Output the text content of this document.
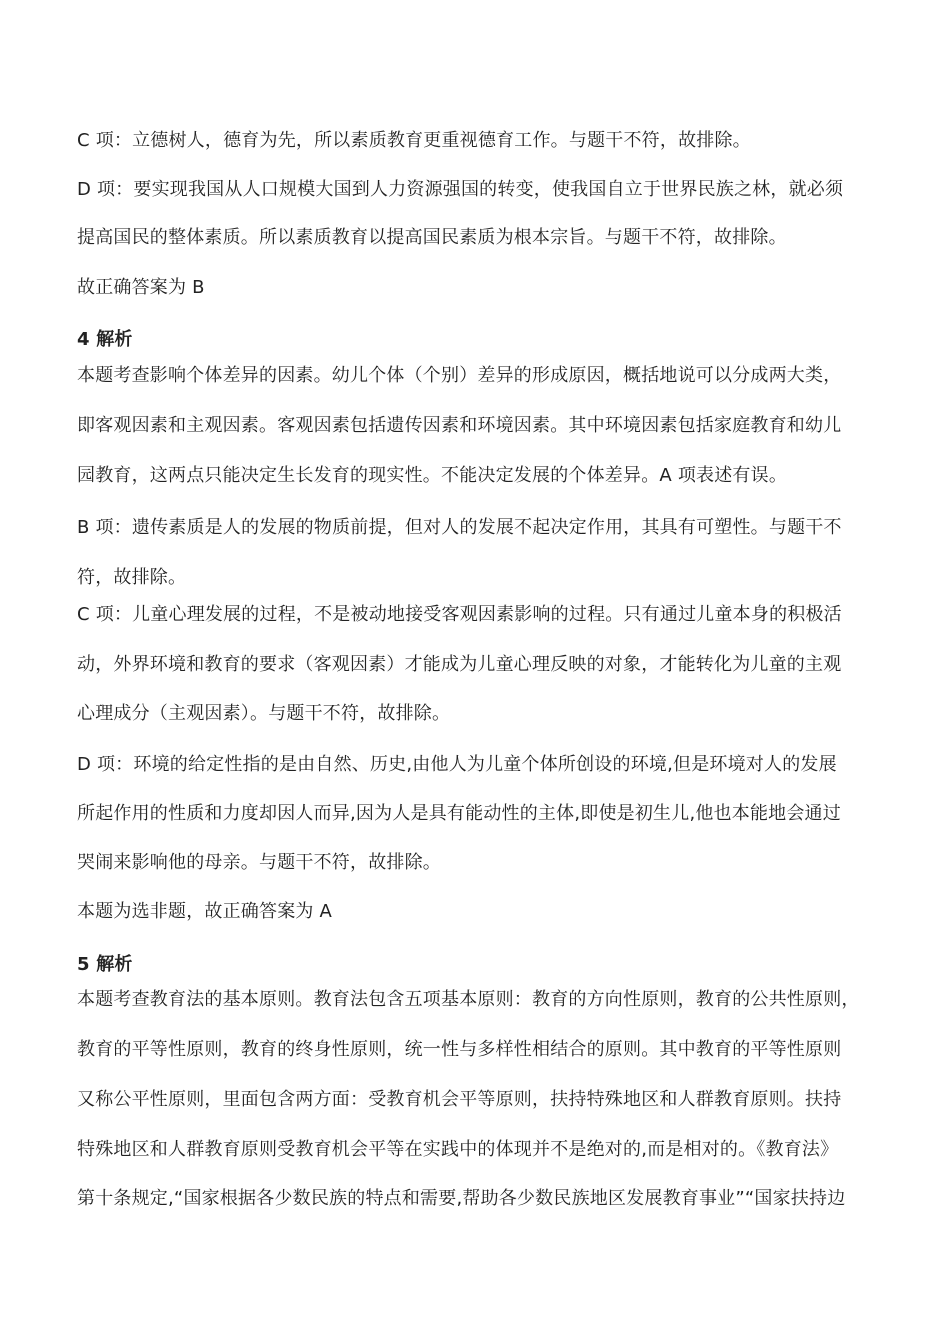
C 项：立德树人，德育为先，所以素质教育更重视德育工作。与题干不符，故排除。
D 项：要实现我国从人口规模大国到人力资源强国的转变，使我国自立于世界民族之林，就必须
提高国民的整体素质。所以素质教育以提高国民素质为根本宗旨。与题干不符，故排除。
故正确答案为 B
4 解析
本题考查影响个体差异的因素。幼儿个体（个别）差异的形成原因，概括地说可以分成两大类，
即客观因素和主观因素。客观因素包括遗传因素和环境因素。其中环境因素包括家庭教育和幼儿
园教育，这两点只能决定生长发育的现实性。不能决定发展的个体差异。A 项表述有误。
B 项：遗传素质是人的发展的物质前提，但对人的发展不起决定作用，其具有可塑性。与题干不
符，故排除。
C 项：儿童心理发展的过程，不是被动地接受客观因素影响的过程。只有通过儿童本身的积极活
动，外界环境和教育的要求（客观因素）才能成为儿童心理反映的对象，才能转化为儿童的主观
心理成分（主观因素）。与题干不符，故排除。
D 项：环境的给定性指的是由自然、历史,由他人为儿童个体所创设的环境,但是环境对人的发展
所起作用的性质和力度却因人而异,因为人是具有能动性的主体,即使是初生儿,他也本能地会通过
哭闹来影响他的母亲。与题干不符，故排除。
本题为选非题，故正确答案为 A
5 解析
本题考查教育法的基本原则。教育法包含五项基本原则：教育的方向性原则，教育的公共性原则，
教育的平等性原则，教育的终身性原则，统一性与多样性相结合的原则。其中教育的平等性原则
又称公平性原则，里面包含两方面：受教育机会平等原则，扶持特殊地区和人群教育原则。扶持
特殊地区和人群教育原则受教育机会平等在实践中的体现并不是绝对的,而是相对的。《教育法》
第十条规定,“国家根据各少数民族的特点和需要,帮助各少数民族地区发展教育事业”“国家扶持边
